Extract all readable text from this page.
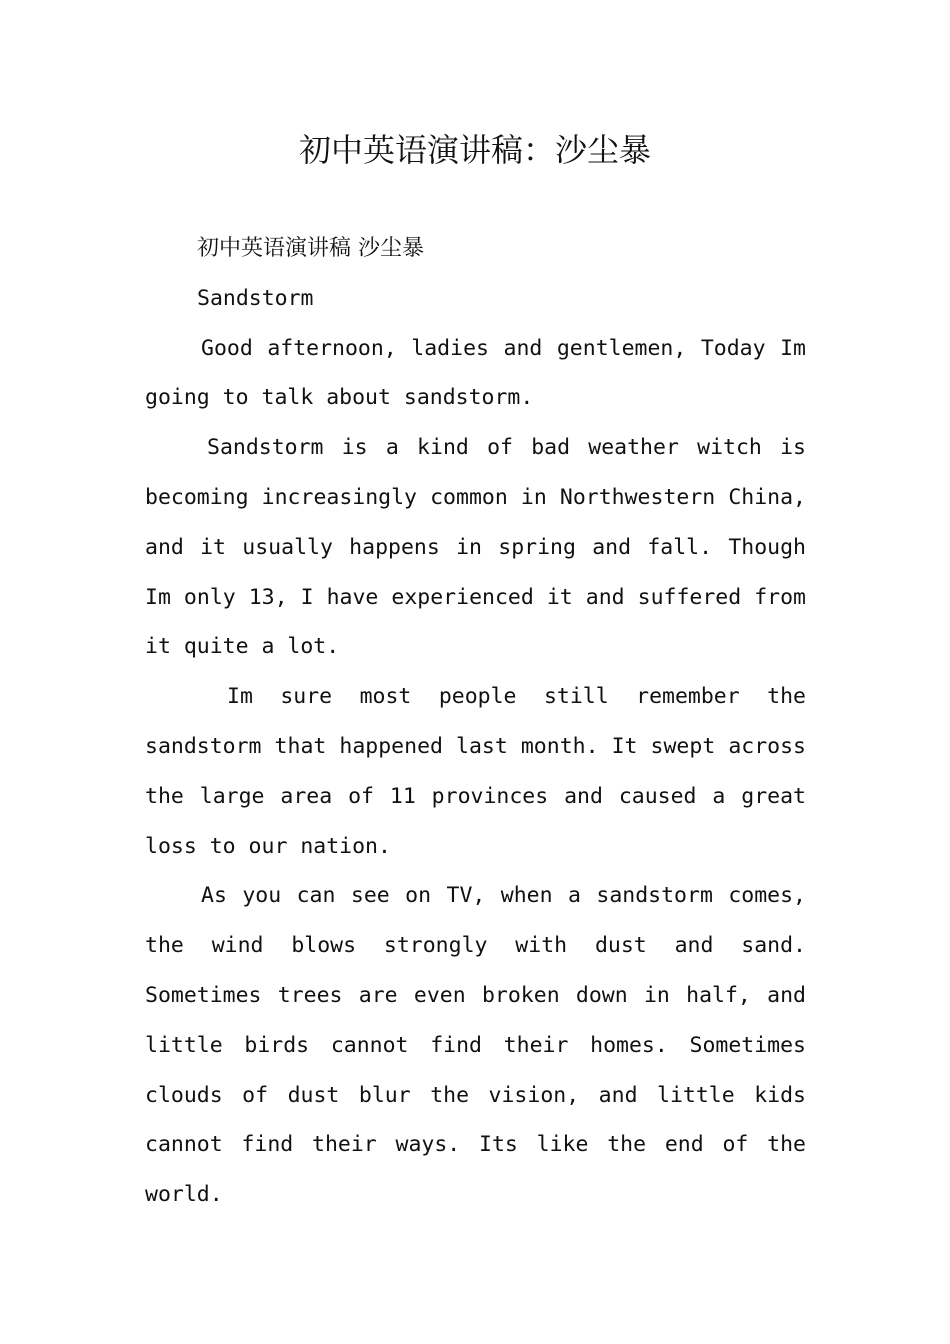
初中英语演讲稿：沙尘暴

初中英语演讲稿 沙尘暴

Sandstorm

Good afternoon, ladies and gentlemen, Today Im going to talk about sandstorm.

Sandstorm is a kind of bad weather witch is becoming increasingly common in Northwestern China, and it usually happens in spring and fall. Though Im only 13, I have experienced it and suffered from it quite a lot.

Im sure most people still remember the sandstorm that happened last month. It swept across the large area of 11 provinces and caused a great loss to our nation.

As you can see on TV, when a sandstorm comes, the wind blows strongly with dust and sand. Sometimes trees are even broken down in half, and little birds cannot find their homes. Sometimes clouds of dust blur the vision, and little kids cannot find their ways. Its like the end of the world.
